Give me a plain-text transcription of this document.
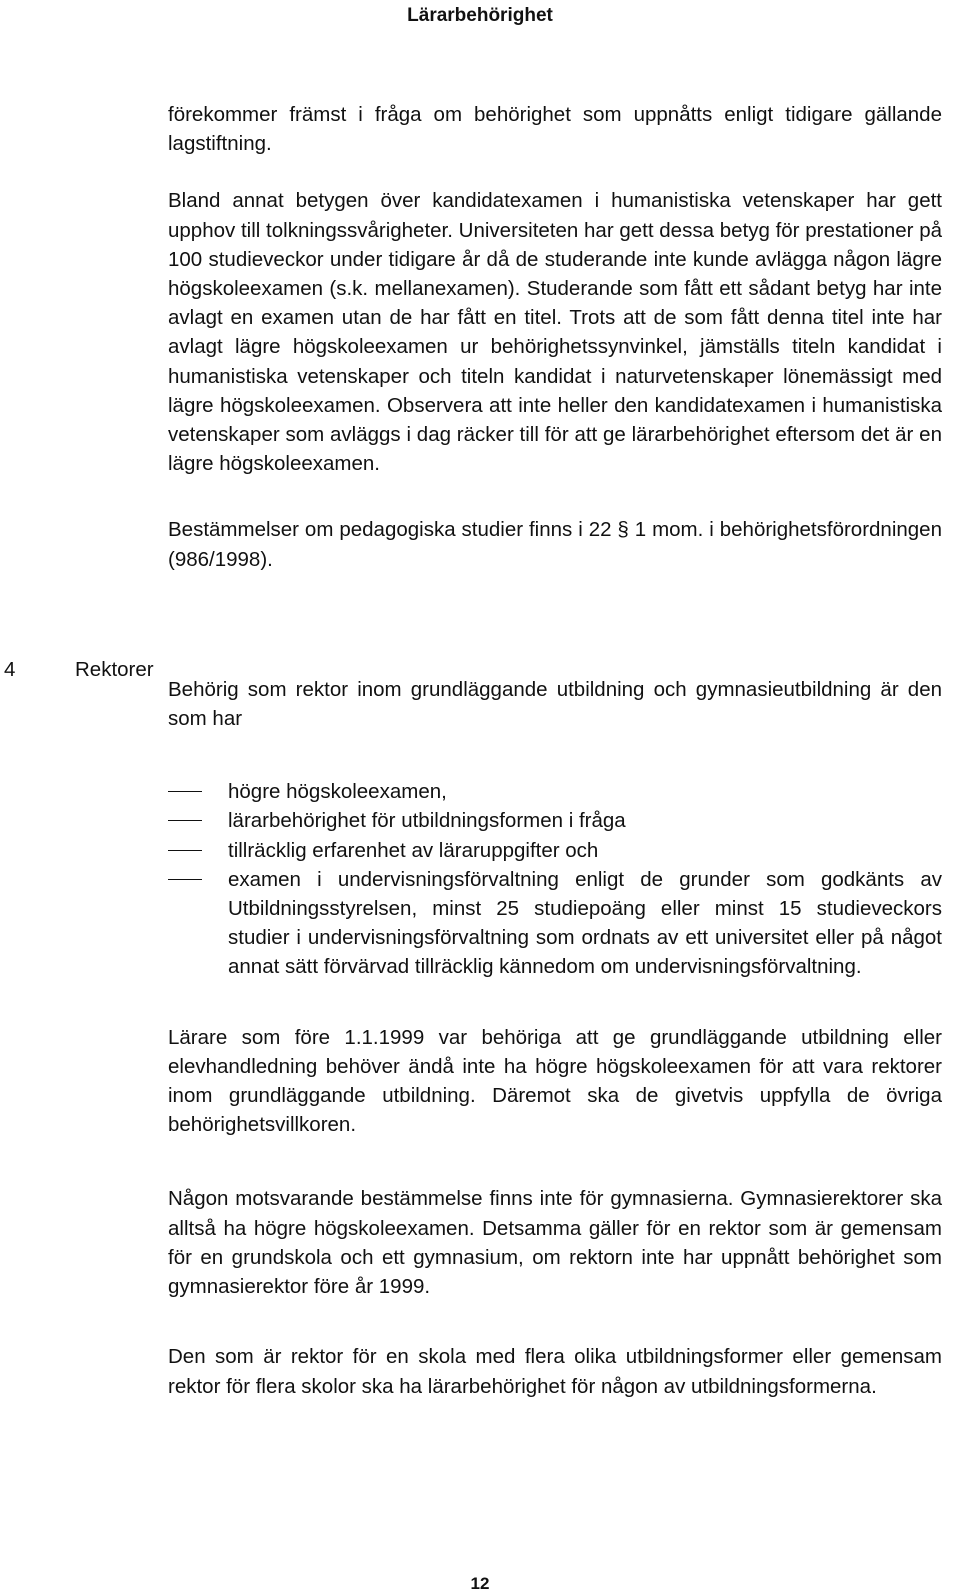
Lärarbehörighet
4	Rektorer

förekommer främst i fråga om behörighet som uppnåtts enligt tidigare gällande lagstiftning.

Bland annat betygen över kandidatexamen i humanistiska vetenskaper har gett upphov till tolkningssvårigheter. Universiteten har gett dessa betyg för prestationer på 100 studieveckor under tidigare år då de studerande inte kunde avlägga någon lägre högskoleexamen (s.k. mellanexamen). Studerande som fått ett sådant betyg har inte avlagt en examen utan de har fått en titel. Trots att de som fått denna titel inte har avlagt lägre högskoleexamen ur behörighetssynvinkel, jämställs titeln kandidat i humanistiska vetenskaper och titeln kandidat i naturvetenskaper lönemässigt med lägre högskoleexamen. Observera att inte heller den kandidatexamen i humanistiska vetenskaper som avläggs i dag räcker till för att ge lärarbehörighet eftersom det är en lägre högskoleexamen.

Bestämmelser om pedagogiska studier finns i 22 § 1 mom. i behörighetsförordningen (986/1998).

Behörig som rektor inom grundläggande utbildning och gymnasieutbildning är den som har

högre högskoleexamen,
lärarbehörighet för utbildningsformen i fråga
tillräcklig erfarenhet av läraruppgifter och
examen i undervisningsförvaltning enligt de grunder som godkänts av Utbildningsstyrelsen, minst 25 studiepoäng eller minst 15 studieveckors studier i undervisningsförvaltning som ordnats av ett universitet eller på något annat sätt förvärvad tillräcklig kännedom om undervisningsförvaltning.

Lärare som före 1.1.1999 var behöriga att ge grundläggande utbildning eller elevhandledning behöver ändå inte ha högre högskoleexamen för att vara rektorer inom grundläggande utbildning. Däremot ska de givetvis uppfylla de övriga behörighetsvillkoren.

Någon motsvarande bestämmelse finns inte för gymnasierna. Gymnasierektorer ska alltså ha högre högskoleexamen. Detsamma gäller för en rektor som är gemensam för en grundskola och ett gymnasium, om rektorn inte har uppnått behörighet som gymnasierektor före år 1999.

Den som är rektor för en skola med flera olika utbildningsformer eller gemensam rektor för flera skolor ska ha lärarbehörighet för någon av utbildningsformerna.

12
